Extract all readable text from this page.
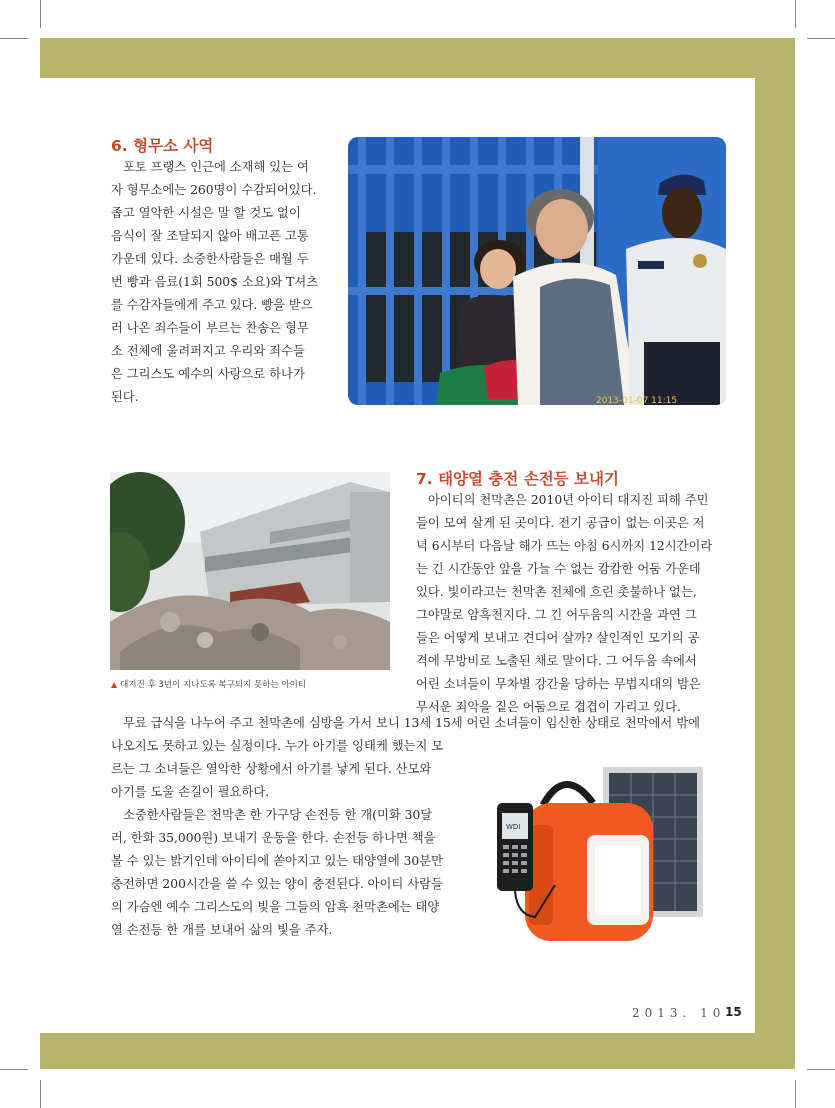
6. 형무소 사역
포토 프랭스 인근에 소재해 있는 여
자 형무소에는 260명이 수감되어있다.
좁고 열악한 시설은 말 할 것도 없이
음식이 잘 조달되지 않아 배고픈 고통
가운데 있다. 소중한사람들은 매월 두
번 빵과 음료(1회 500$ 소요)와 T셔츠
를 수감자들에게 주고 있다. 빵을 받으
러 나온 죄수들이 부르는 찬송은 형무
소 전체에 울려퍼지고 우리와 죄수들
은 그리스도 예수의 사랑으로 하나가
된다.	2013-01-07 11:15

▲ 대지진 후 3년이 지나도록 복구되지 못하는 아이티

7. 태양열 충전 손전등 보내기
아이티의 천막촌은 2010년 아이티 대지진 피해 주민
들이 모여 살게 된 곳이다. 전기 공급이 없는 이곳은 저
녁 6시부터 다음날 해가 뜨는 아침 6시까지 12시간이라
는 긴 시간동안 앞을 가늘 수 없는 캄캄한 어둠 가운데
있다. 빛이라고는 천막촌 전체에 흐린 촛불하나 없는,
그야말로 암흑천지다. 그 긴 어두움의 시간을 과연 그
들은 어떻게 보내고 견디어 살까? 살인적인 모기의 공
격에 무방비로 노출된 채로 말이다. 그 어두움 속에서
어린 소녀들이 무차별 강간을 당하는 무법지대의 밤은
무서운 죄악을 짙은 어둠으로 겹겹이 가리고 있다.
무료 급식을 나누어 주고 천막촌에 심방을 가서 보니 13세 15세 어린 소녀들이 임신한 상태로 천막에서 밖에
나오지도 못하고 있는 실정이다. 누가 아기를 잉태케 했는지 모
르는 그 소녀들은 열악한 상황에서 아기를 낳게 된다. 산모와
아기를 도울 손길이 필요하다.
소중한사람들은 천막촌 한 가구당 손전등 한 개(미화 30달
러, 한화 35,000원) 보내기 운동을 한다. 손전등 하나면 책을
볼 수 있는 밝기인데 아이티에 쏟아지고 있는 태양열에 30분만
충전하면 200시간을 쓸 수 있는 양이 충전된다. 아이티 사람들
의 가슴엔 예수 그리스도의 빛을 그들의 암흑 천막촌에는 태양
열 손전등 한 개를 보내어 삶의 빛을 주자.
WDI
2013. 10 15
